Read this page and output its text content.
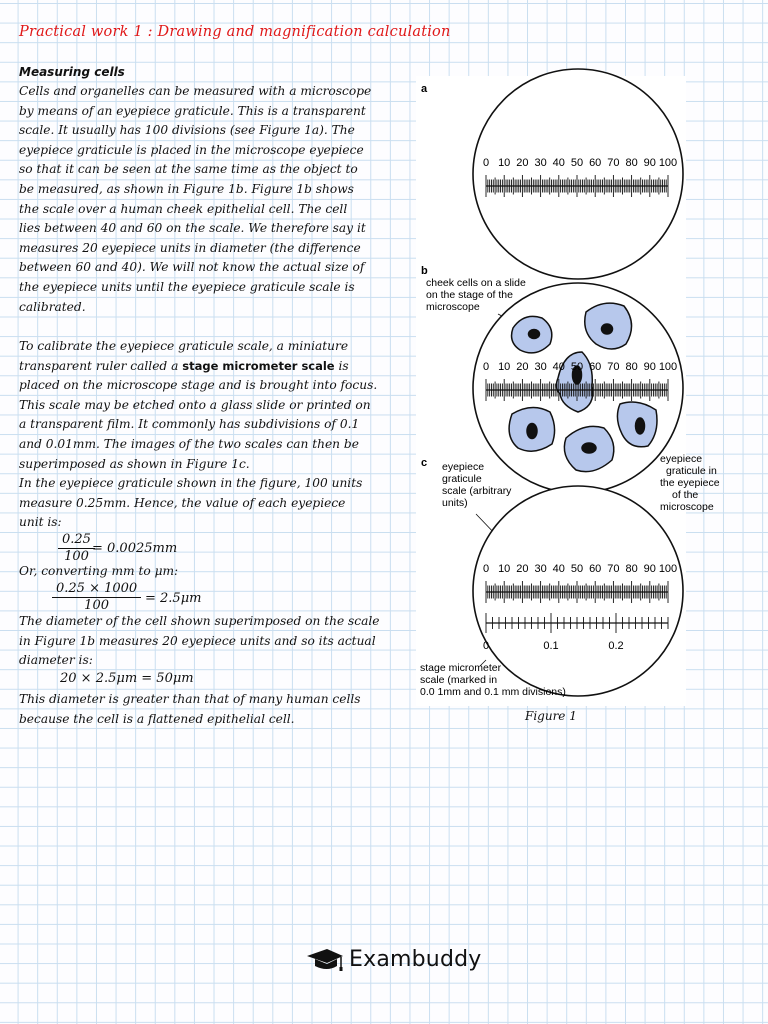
Practical work 1 : Drawing and magnification calculation
Measuring cells
Cells and organelles can be measured with a microscope
by means of an eyepiece graticule. This is a transparent
scale. It usually has 100 divisions (see Figure 1a). The
eyepiece graticule is placed in the microscope eyepiece
so that it can be seen at the same time as the object to
be measured, as shown in Figure 1b. Figure 1b shows
the scale over a human cheek epithelial cell. The cell
lies between 40 and 60 on the scale. We therefore say it
measures 20 eyepiece units in diameter (the difference
between 60 and 40). We will not know the actual size of
the eyepiece units until the eyepiece graticule scale is
calibrated.
To calibrate the eyepiece graticule scale, a miniature
transparent ruler called a stage micrometer scale is
placed on the microscope stage and is brought into focus.
This scale may be etched onto a glass slide or printed on
a transparent film. It commonly has subdivisions of 0.1
and 0.01mm. The images of the two scales can then be
superimposed as shown in Figure 1c.
In the eyepiece graticule shown in the figure, 100 units
measure 0.25mm. Hence, the value of each eyepiece
unit is:
$\frac{0.25}{100}$
= 0.0025mm
Or, converting mm to μm:
$\frac{0.25 \times 1000}{100} = 2.5\mu m$
The diameter of the cell shown superimposed on the scale
in Figure 1b measures 20 eyepiece units and so its actual
diameter is:
20 × 2.5μm = 50μm
This diameter is greater than that of many human cells
because the cell is a flattened epithelial cell.
a
0 10 20 30 40 50 60 70 80 90 100
b
cheek cells on a slide
on the stage of the
microscope
0 10 20 30 40 50 60 70 80 90 100
eyepiece
graticule in
the eyepiece
of the
microscope
c eyepiece
graticule
scale (arbitrary
units)
0 10 20 30 40 50 60 70 80 90 100
0	0.1	0.2
stage micrometer
scale (marked in
0.0 1mm and 0.1 mm divisions)
Figure 1
Exambuddy
